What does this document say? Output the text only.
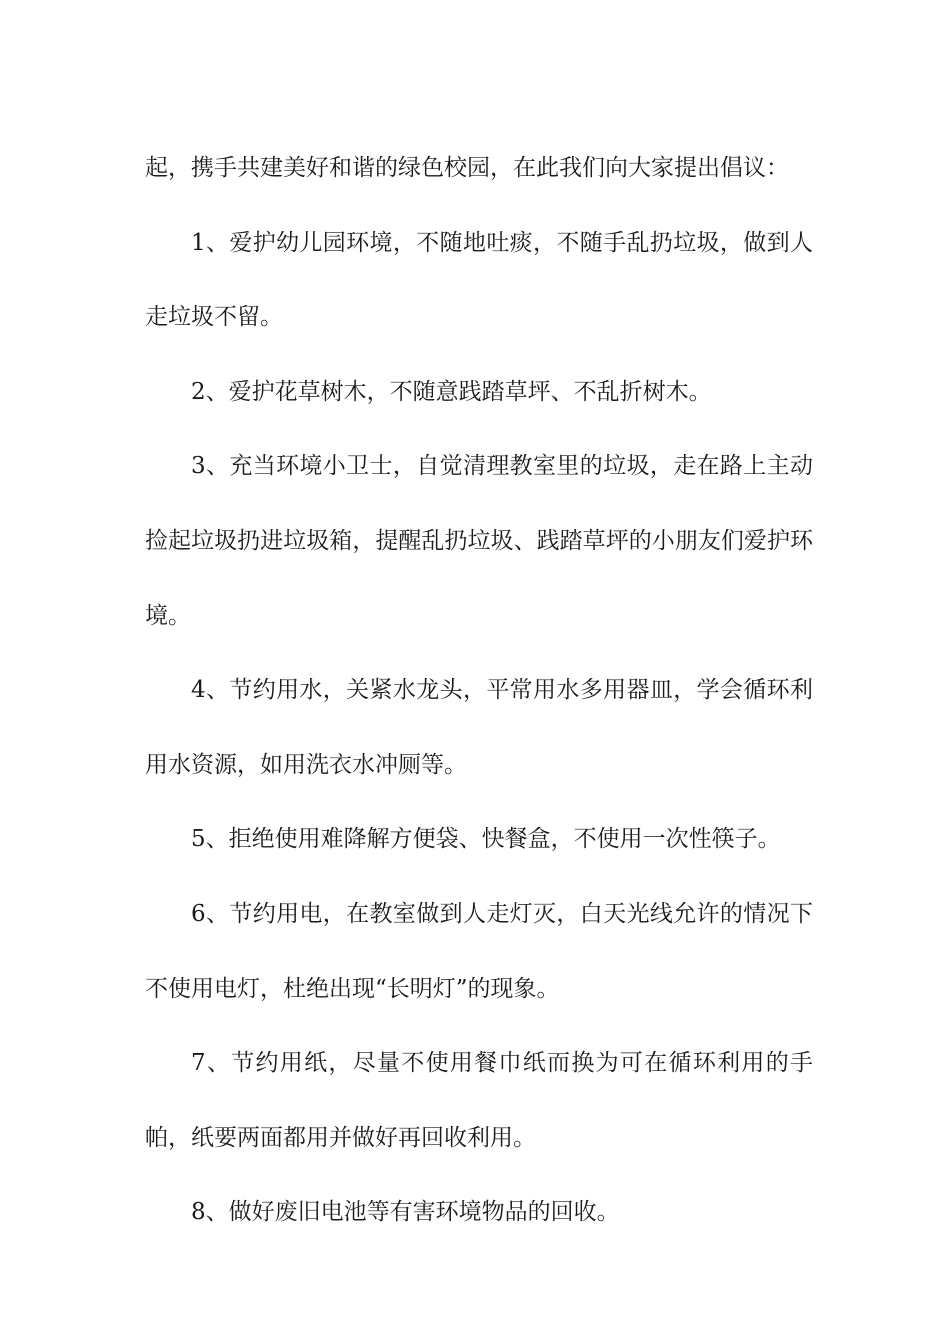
起，携手共建美好和谐的绿色校园，在此我们向大家提出倡议：

1、爱护幼儿园环境，不随地吐痰，不随手乱扔垃圾，做到人走垃圾不留。

2、爱护花草树木，不随意践踏草坪、不乱折树木。

3、充当环境小卫士，自觉清理教室里的垃圾，走在路上主动捡起垃圾扔进垃圾箱，提醒乱扔垃圾、践踏草坪的小朋友们爱护环境。

4、节约用水，关紧水龙头，平常用水多用器皿，学会循环利用水资源，如用洗衣水冲厕等。

5、拒绝使用难降解方便袋、快餐盒，不使用一次性筷子。

6、节约用电，在教室做到人走灯灭，白天光线允许的情况下不使用电灯，杜绝出现“长明灯”的现象。

7、节约用纸，尽量不使用餐巾纸而换为可在循环利用的手帕，纸要两面都用并做好再回收利用。

8、做好废旧电池等有害环境物品的回收。
